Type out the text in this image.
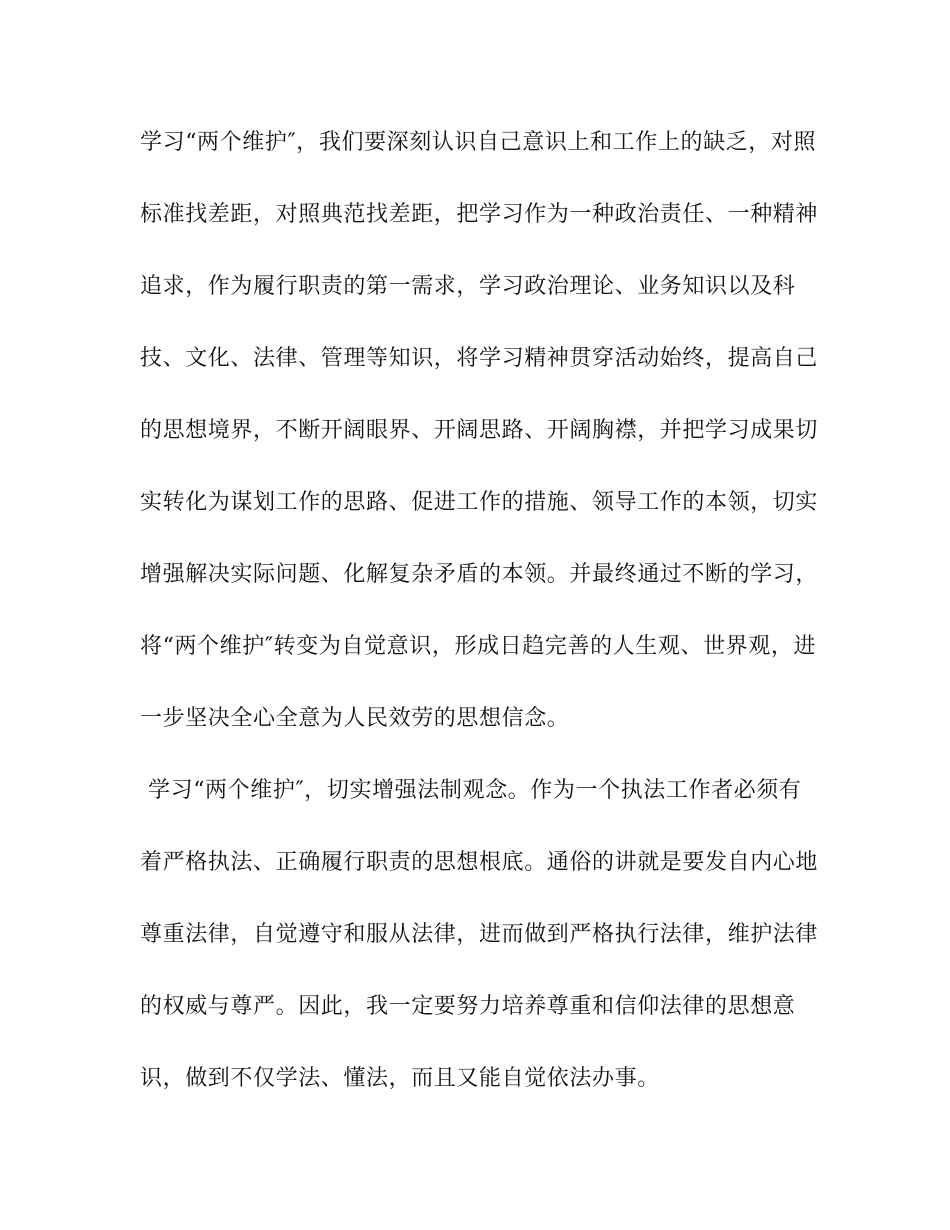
学习“两个维护″，我们要深刻认识自己意识上和工作上的缺乏，对照

标准找差距，对照典范找差距，把学习作为一种政治责任、一种精神

追求，作为履行职责的第一需求，学习政治理论、业务知识以及科

技、文化、法律、管理等知识，将学习精神贯穿活动始终，提高自己

的思想境界，不断开阔眼界、开阔思路、开阔胸襟，并把学习成果切

实转化为谋划工作的思路、促进工作的措施、领导工作的本领，切实

增强解决实际问题、化解复杂矛盾的本领。并最终通过不断的学习，

将“两个维护″转变为自觉意识，形成日趋完善的人生观、世界观，进

一步坚决全心全意为人民效劳的思想信念。

学习“两个维护″，切实增强法制观念。作为一个执法工作者必须有

着严格执法、正确履行职责的思想根底。通俗的讲就是要发自内心地

尊重法律，自觉遵守和服从法律，进而做到严格执行法律，维护法律

的权威与尊严。因此，我一定要努力培养尊重和信仰法律的思想意

识，做到不仅学法、懂法，而且又能自觉依法办事。
